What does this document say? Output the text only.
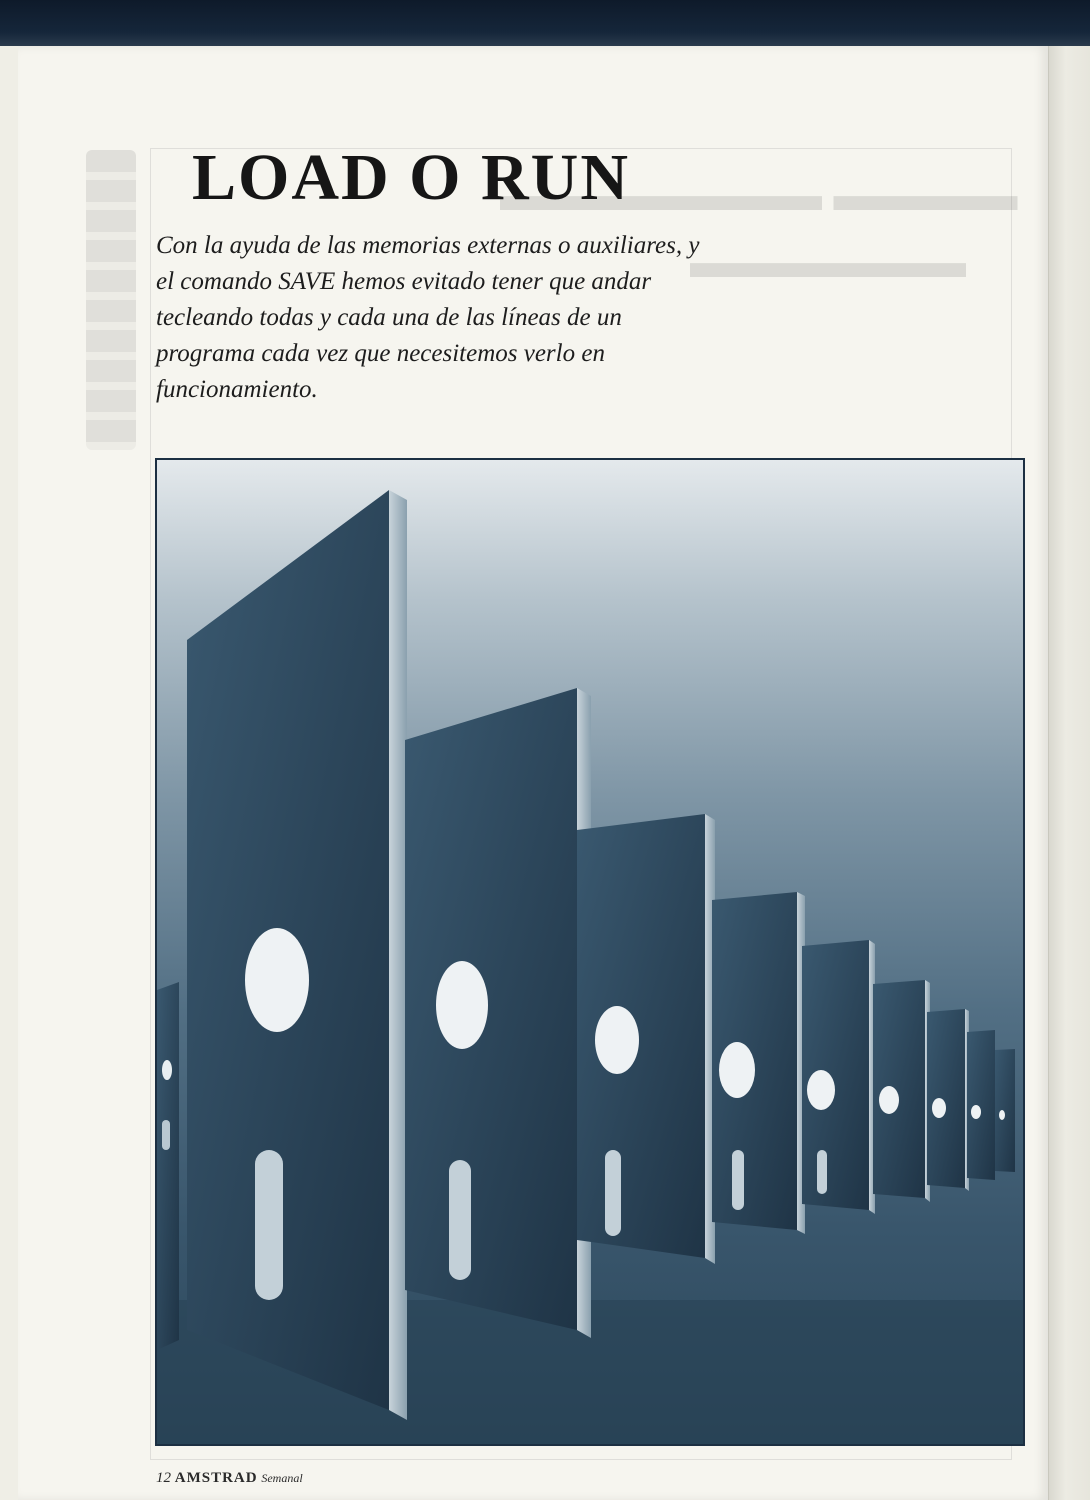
▬▬▬▬ ▬▬▬▬▬▬▬
▬▬▬▬▬▬
LOAD O RUN

Con la ayuda de las memorias externas o auxiliares, y el comando SAVE hemos evitado tener que andar tecleando todas y cada una de las líneas de un programa cada vez que necesitemos verlo en funcionamiento.

12 AMSTRAD Semanal
